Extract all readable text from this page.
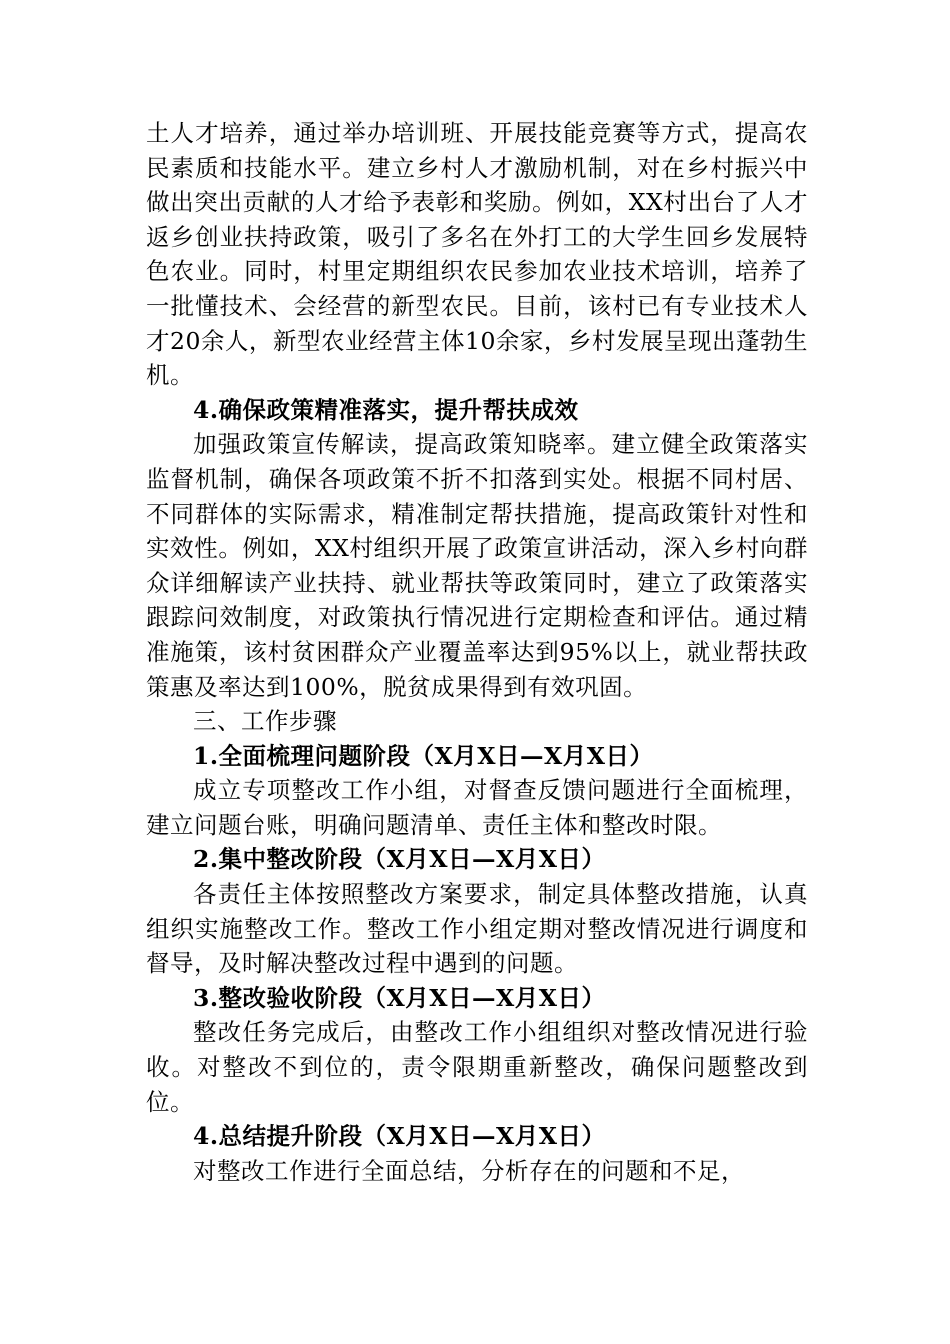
土人才培养，通过举办培训班、开展技能竞赛等方式，提高农民素质和技能水平。建立乡村人才激励机制，对在乡村振兴中做出突出贡献的人才给予表彰和奖励。例如，XX村出台了人才返乡创业扶持政策，吸引了多名在外打工的大学生回乡发展特色农业。同时，村里定期组织农民参加农业技术培训，培养了一批懂技术、会经营的新型农民。目前，该村已有专业技术人才20余人，新型农业经营主体10余家，乡村发展呈现出蓬勃生机。

4.确保政策精准落实，提升帮扶成效

加强政策宣传解读，提高政策知晓率。建立健全政策落实监督机制，确保各项政策不折不扣落到实处。根据不同村居、不同群体的实际需求，精准制定帮扶措施，提高政策针对性和实效性。例如，XX村组织开展了政策宣讲活动，深入乡村向群众详细解读产业扶持、就业帮扶等政策同时，建立了政策落实跟踪问效制度，对政策执行情况进行定期检查和评估。通过精准施策，该村贫困群众产业覆盖率达到95%以上，就业帮扶政策惠及率达到100%，脱贫成果得到有效巩固。

三、工作步骤

1.全面梳理问题阶段（X月X日—X月X日）

成立专项整改工作小组，对督查反馈问题进行全面梳理，建立问题台账，明确问题清单、责任主体和整改时限。

2.集中整改阶段（X月X日—X月X日）

各责任主体按照整改方案要求，制定具体整改措施，认真组织实施整改工作。整改工作小组定期对整改情况进行调度和督导，及时解决整改过程中遇到的问题。

3.整改验收阶段（X月X日—X月X日）

整改任务完成后，由整改工作小组组织对整改情况进行验收。对整改不到位的，责令限期重新整改，确保问题整改到位。

4.总结提升阶段（X月X日—X月X日）

对整改工作进行全面总结，分析存在的问题和不足，
